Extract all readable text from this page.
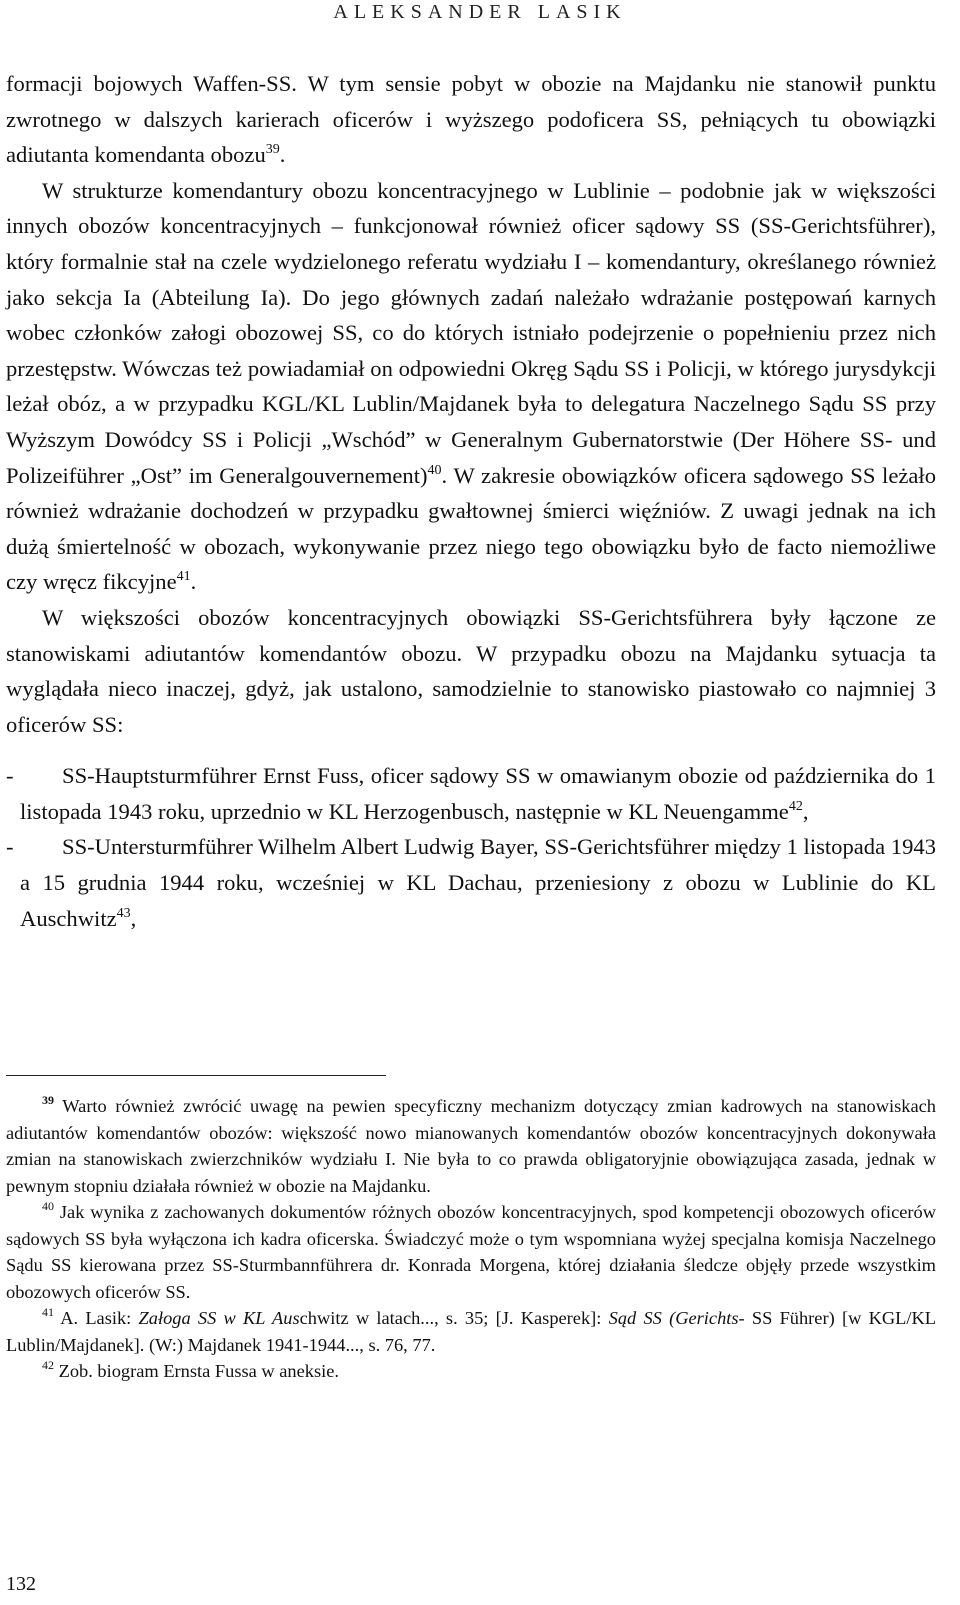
ALEKSANDER LASIK

formacji bojowych Waffen-SS. W tym sensie pobyt w obozie na Majdanku nie stanowił punktu zwrotnego w dalszych karierach oficerów i wyższego podoficera SS, pełniących tu obowiązki adiutanta komendanta obozu$^{39}$.

W strukturze komendantury obozu koncentracyjnego w Lublinie – podobnie jak w większości innych obozów koncentracyjnych – funkcjonował również oficer sądowy SS (SS-Gerichtsführer), który formalnie stał na czele wydzielonego referatu wydziału I – komendantury, określanego również jako sekcja Ia (Abteilung Ia). Do jego głównych zadań należało wdrażanie postępowań karnych wobec członków załogi obozowej SS, co do których istniało podejrzenie o popełnieniu przez nich przestępstw. Wówczas też powiadamiał on odpowiedni Okręg Sądu SS i Policji, w którego jurysdykcji leżał obóz, a w przypadku KGL/KL Lublin/Majdanek była to delegatura Naczelnego Sądu SS przy Wyższym Dowódcy SS i Policji „Wschód” w Generalnym Gubernatorstwie (Der Höhere SS- und Polizeiführer „Ost” im Generalgouvernement)$^{40}$. W zakresie obowiązków oficera sądowego SS leżało również wdrażanie dochodzeń w przypadku gwałtownej śmierci więźniów. Z uwagi jednak na ich dużą śmiertelność w obozach, wykonywanie przez niego tego obowiązku było de facto niemożliwe czy wręcz fikcyjne$^{41}$.

W większości obozów koncentracyjnych obowiązki SS-Gerichtsführera były łączone ze stanowiskami adiutantów komendantów obozu. W przypadku obozu na Majdanku sytuacja ta wyglądała nieco inaczej, gdyż, jak ustalono, samodzielnie to stanowisko piastowało co najmniej 3 oficerów SS:

- SS-Hauptsturmführer Ernst Fuss, oficer sądowy SS w omawianym obozie od października do 1 listopada 1943 roku, uprzednio w KL Herzogenbusch, następnie w KL Neuengamme$^{42}$,
- SS-Untersturmführer Wilhelm Albert Ludwig Bayer, SS-Gerichtsführer między 1 listopada 1943 a 15 grudnia 1944 roku, wcześniej w KL Dachau, przeniesiony z obozu w Lublinie do KL Auschwitz$^{43}$,

$^{39}$ Warto również zwrócić uwagę na pewien specyficzny mechanizm dotyczący zmian kadrowych na stanowiskach adiutantów komendantów obozów: większość nowo mianowanych komendantów obozów koncentracyjnych dokonywała zmian na stanowiskach zwierzchników wydziału I. Nie była to co prawda obligatoryjnie obowiązująca zasada, jednak w pewnym stopniu działała również w obozie na Majdanku.

$^{40}$ Jak wynika z zachowanych dokumentów różnych obozów koncentracyjnych, spod kompetencji obozowych oficerów sądowych SS była wyłączona ich kadra oficerska. Świadczyć może o tym wspomniana wyżej specjalna komisja Naczelnego Sądu SS kierowana przez SS-Sturmbannführera dr. Konrada Morgena, której działania śledcze objęły przede wszystkim obozowych oficerów SS.

$^{41}$ A. Lasik: Załoga SS w KL Auschwitz w latach..., s. 35; [J. Kasperek]: Sąd SS (Gerichts- SS Führer) [w KGL/KL Lublin/Majdanek]. (W:) Majdanek 1941-1944..., s. 76, 77.

$^{42}$ Zob. biogram Ernsta Fussa w aneksie.

132
